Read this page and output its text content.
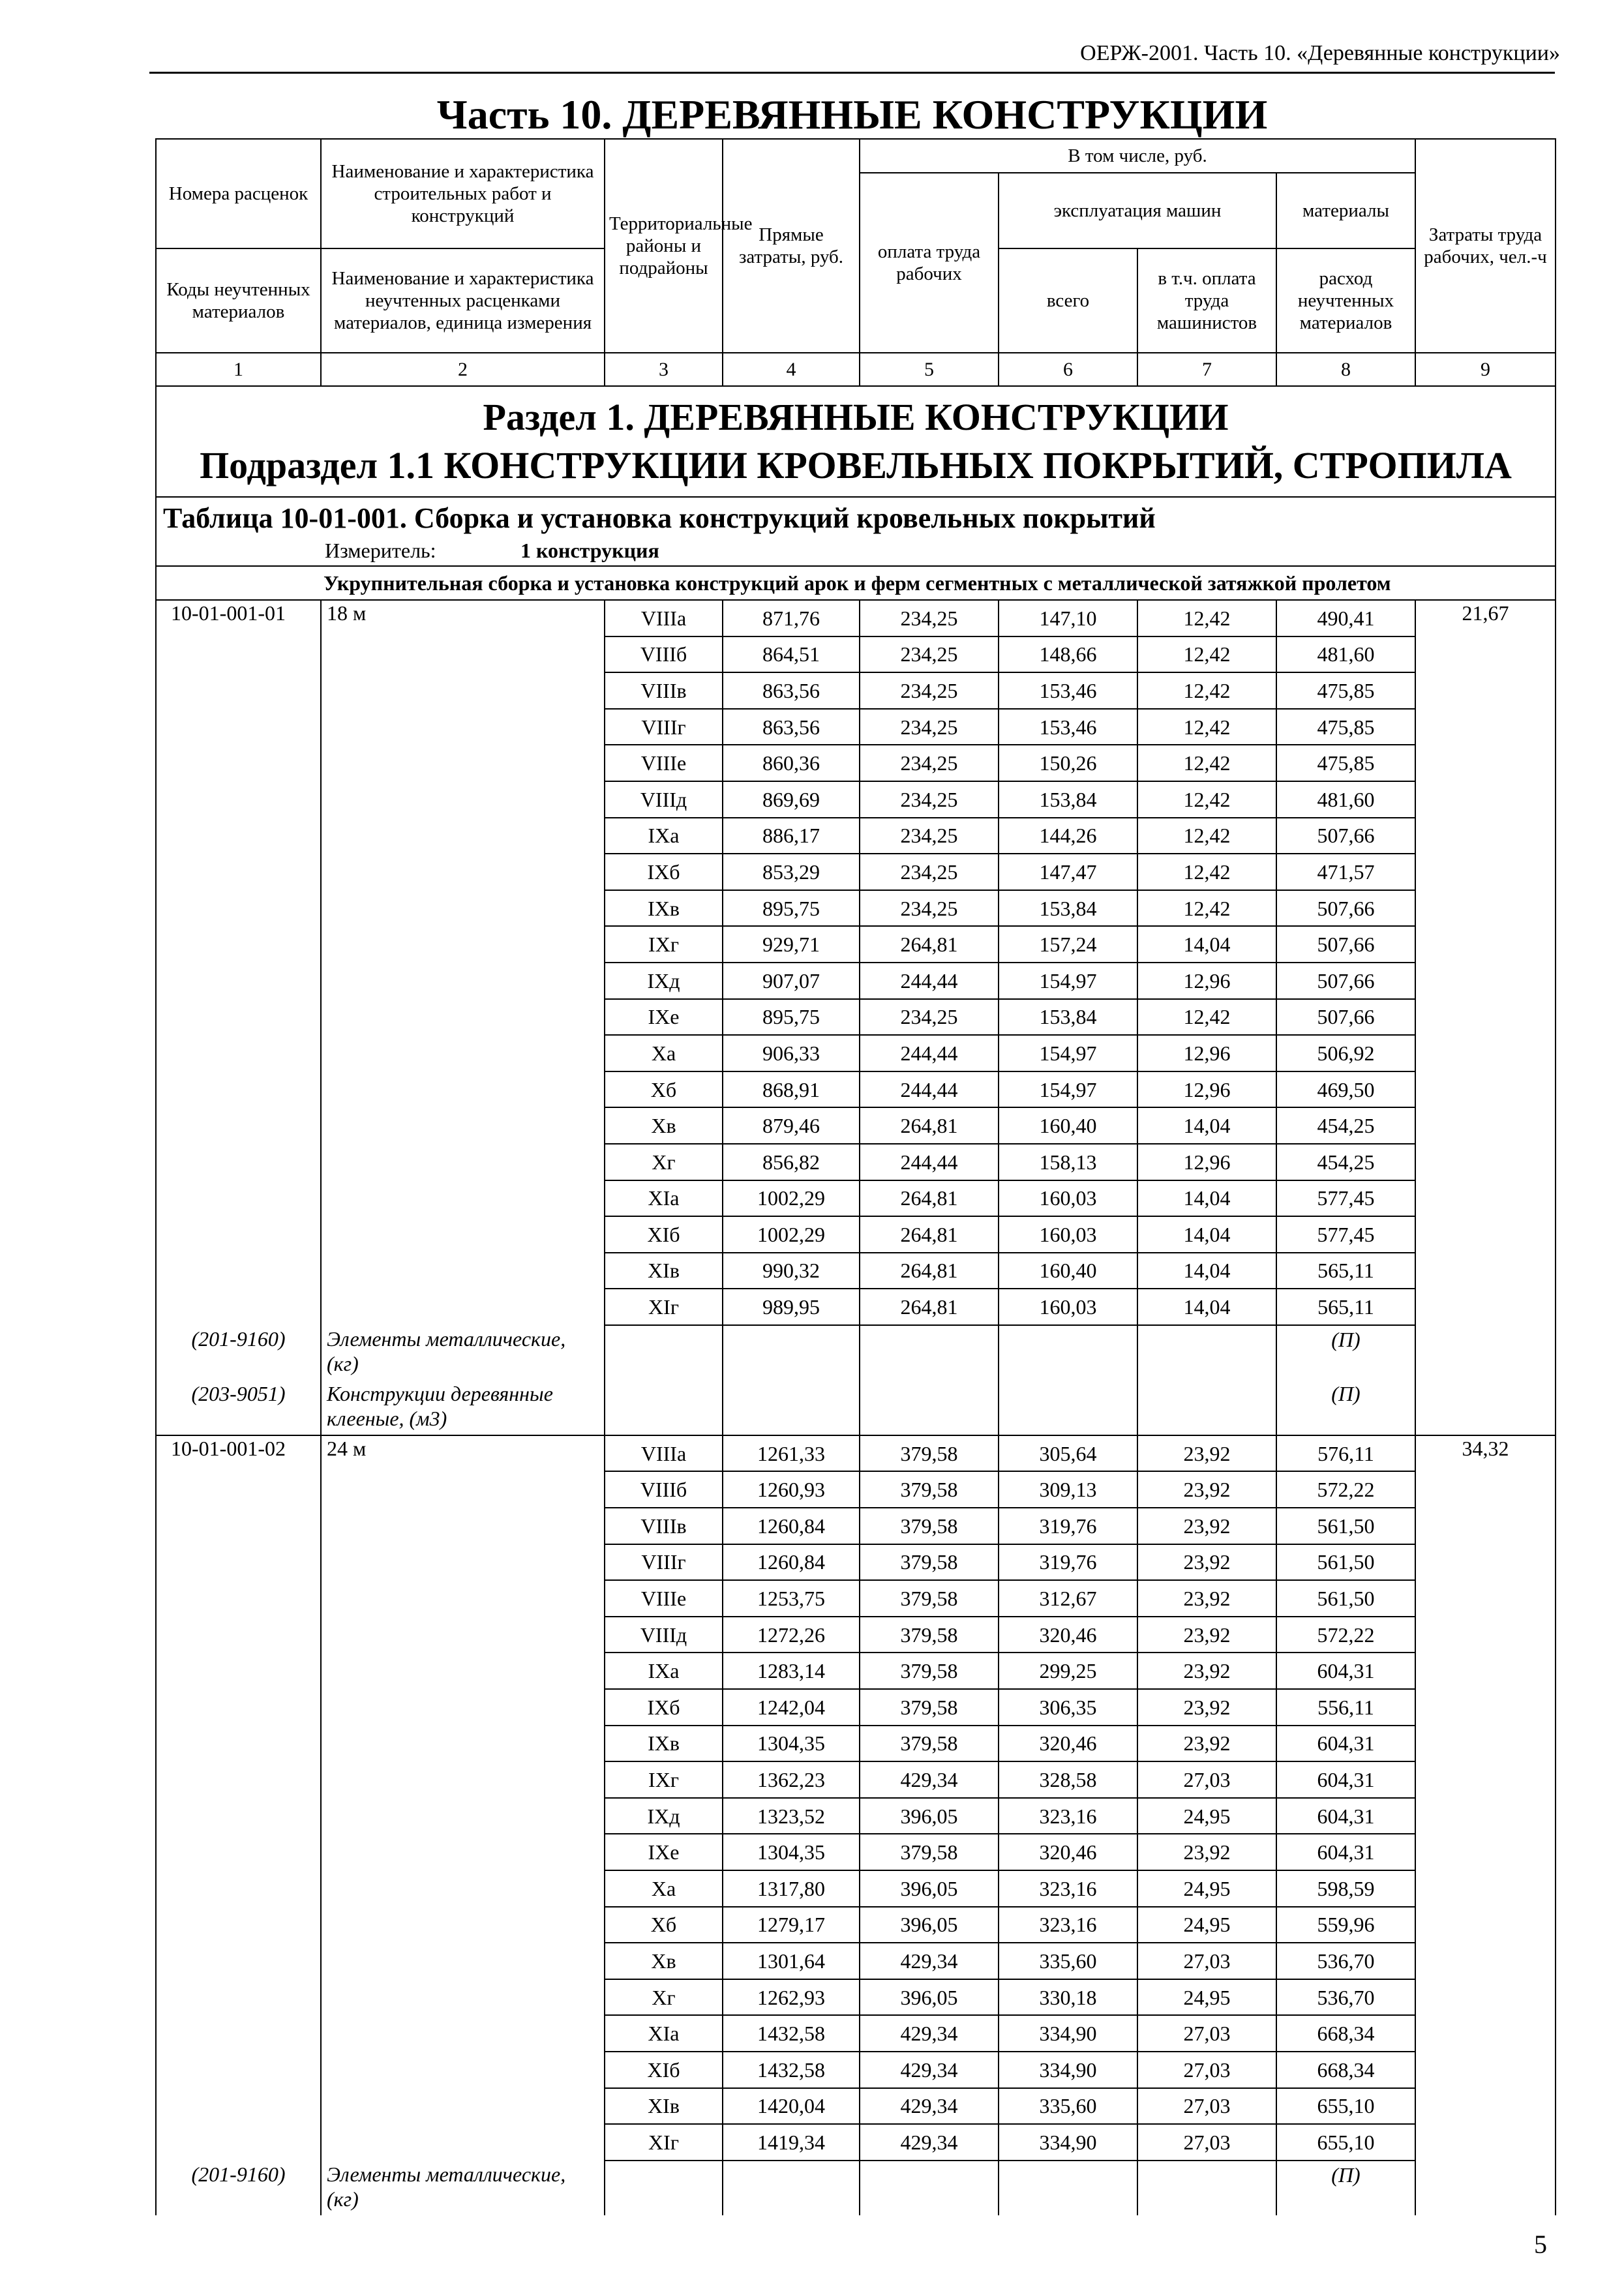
ОЕРЖ-2001. Часть 10. «Деревянные конструкции»
Часть 10. ДЕРЕВЯННЫЕ КОНСТРУКЦИИ
Номера расценок	Наименование и характеристика строительных работ и конструкций	Территориальные районы и подрайоны	Прямые затраты, руб.	В том числе, руб.				Затраты труда рабочих, чел.-ч
				оплата труда рабочих	эксплуатация машин		материалы	
Коды неучтенных материалов	Наименование и характеристика неучтенных расценками материалов, единица измерения				всего	в т.ч. оплата труда машинистов	расход неучтенных материалов	

1	2	3	4	5	6	7	8	9

Раздел 1. ДЕРЕВЯННЫЕ КОНСТРУКЦИИ
Подраздел 1.1 КОНСТРУКЦИИ КРОВЕЛЬНЫХ ПОКРЫТИЙ, СТРОПИЛА								

Таблица 10-01-001. Сборка и установка конструкций кровельных покрытий								
Измеритель: 1 конструкция								
	Укрупнительная сборка и установка конструкций арок и ферм сегментных с металлической затяжкой пролетом							
10-01-001-01	18 м	VIIIа	871,76	234,25	147,10	12,42	490,41	21,67
		VIIIб	864,51	234,25	148,66	12,42	481,60	
		VIIIв	863,56	234,25	153,46	12,42	475,85	
		VIIIг	863,56	234,25	153,46	12,42	475,85	
		VIIIе	860,36	234,25	150,26	12,42	475,85	
		VIIIд	869,69	234,25	153,84	12,42	481,60	
		IXа	886,17	234,25	144,26	12,42	507,66	
		IXб	853,29	234,25	147,47	12,42	471,57	
		IXв	895,75	234,25	153,84	12,42	507,66	
		IXг	929,71	264,81	157,24	14,04	507,66	
		IXд	907,07	244,44	154,97	12,96	507,66	
		IXе	895,75	234,25	153,84	12,42	507,66	
		Xа	906,33	244,44	154,97	12,96	506,92	
		Xб	868,91	244,44	154,97	12,96	469,50	
		Xв	879,46	264,81	160,40	14,04	454,25	
		Xг	856,82	244,44	158,13	12,96	454,25	
		XIа	1002,29	264,81	160,03	14,04	577,45	
		XIб	1002,29	264,81	160,03	14,04	577,45	
		XIв	990,32	264,81	160,40	14,04	565,11	
		XIг	989,95	264,81	160,03	14,04	565,11	
(201-9160)	Элементы металлические, (кг)						(П)	
(203-9051)	Конструкции деревянные клееные, (м3)						(П)	
10-01-001-02	24 м	VIIIа	1261,33	379,58	305,64	23,92	576,11	34,32
		VIIIб	1260,93	379,58	309,13	23,92	572,22	
		VIIIв	1260,84	379,58	319,76	23,92	561,50	
		VIIIг	1260,84	379,58	319,76	23,92	561,50	
		VIIIе	1253,75	379,58	312,67	23,92	561,50	
		VIIIд	1272,26	379,58	320,46	23,92	572,22	
		IXа	1283,14	379,58	299,25	23,92	604,31	
		IXб	1242,04	379,58	306,35	23,92	556,11	
		IXв	1304,35	379,58	320,46	23,92	604,31	
		IXг	1362,23	429,34	328,58	27,03	604,31	
		IXд	1323,52	396,05	323,16	24,95	604,31	
		IXе	1304,35	379,58	320,46	23,92	604,31	
		Xа	1317,80	396,05	323,16	24,95	598,59	
		Xб	1279,17	396,05	323,16	24,95	559,96	
		Xв	1301,64	429,34	335,60	27,03	536,70	
		Xг	1262,93	396,05	330,18	24,95	536,70	
		XIа	1432,58	429,34	334,90	27,03	668,34	
		XIб	1432,58	429,34	334,90	27,03	668,34	
		XIв	1420,04	429,34	335,60	27,03	655,10	
		XIг	1419,34	429,34	334,90	27,03	655,10	
(201-9160)	Элементы металлические, (кг)						(П)	
5
